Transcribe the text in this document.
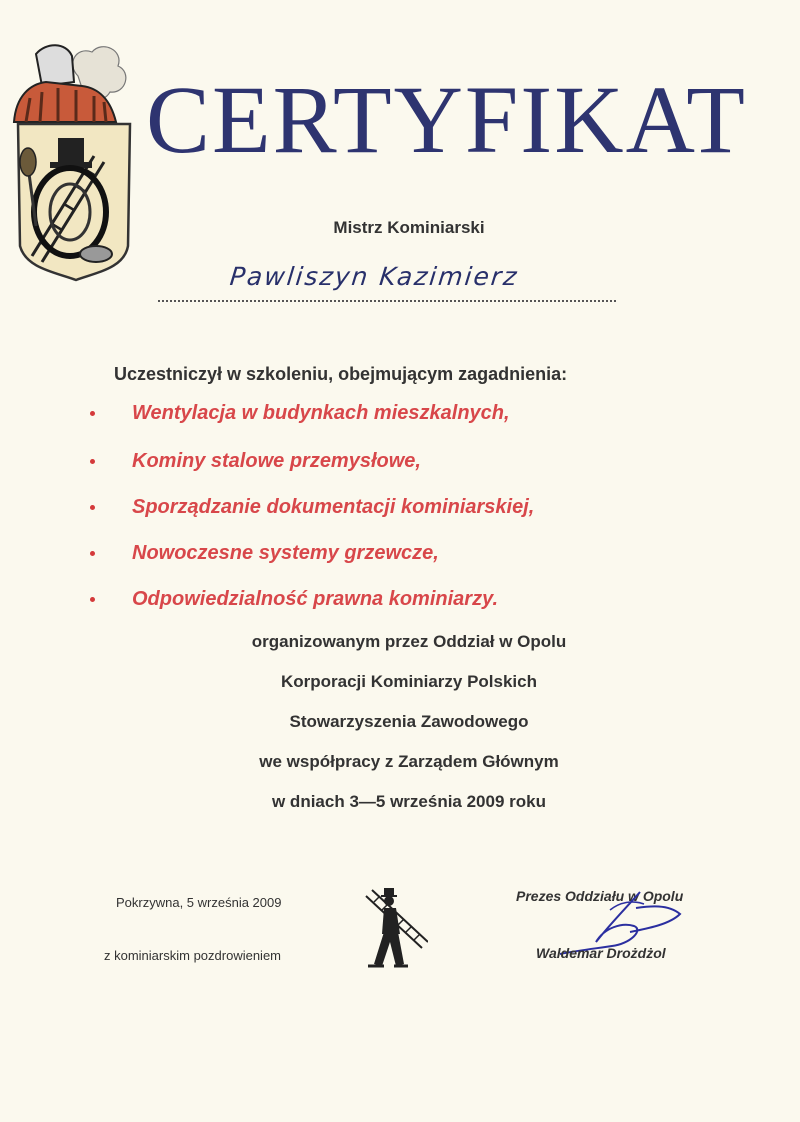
CERTYFIKAT
Mistrz Kominiarski
Pawliszyn Kazimierz
Uczestniczył w szkoleniu, obejmującym zagadnienia:
Wentylacja w budynkach mieszkalnych,
Kominy stalowe przemysłowe,
Sporządzanie dokumentacji kominiarskiej,
Nowoczesne systemy grzewcze,
Odpowiedzialność prawna kominiarzy.
organizowanym przez Oddział w Opolu
Korporacji Kominiarzy Polskich
Stowarzyszenia Zawodowego
we współpracy z Zarządem Głównym
w dniach 3—5 września 2009 roku
Pokrzywna, 5 września 2009
z kominiarskim pozdrowieniem
Prezes Oddziału w Opolu
Waldemar Drożdżol
